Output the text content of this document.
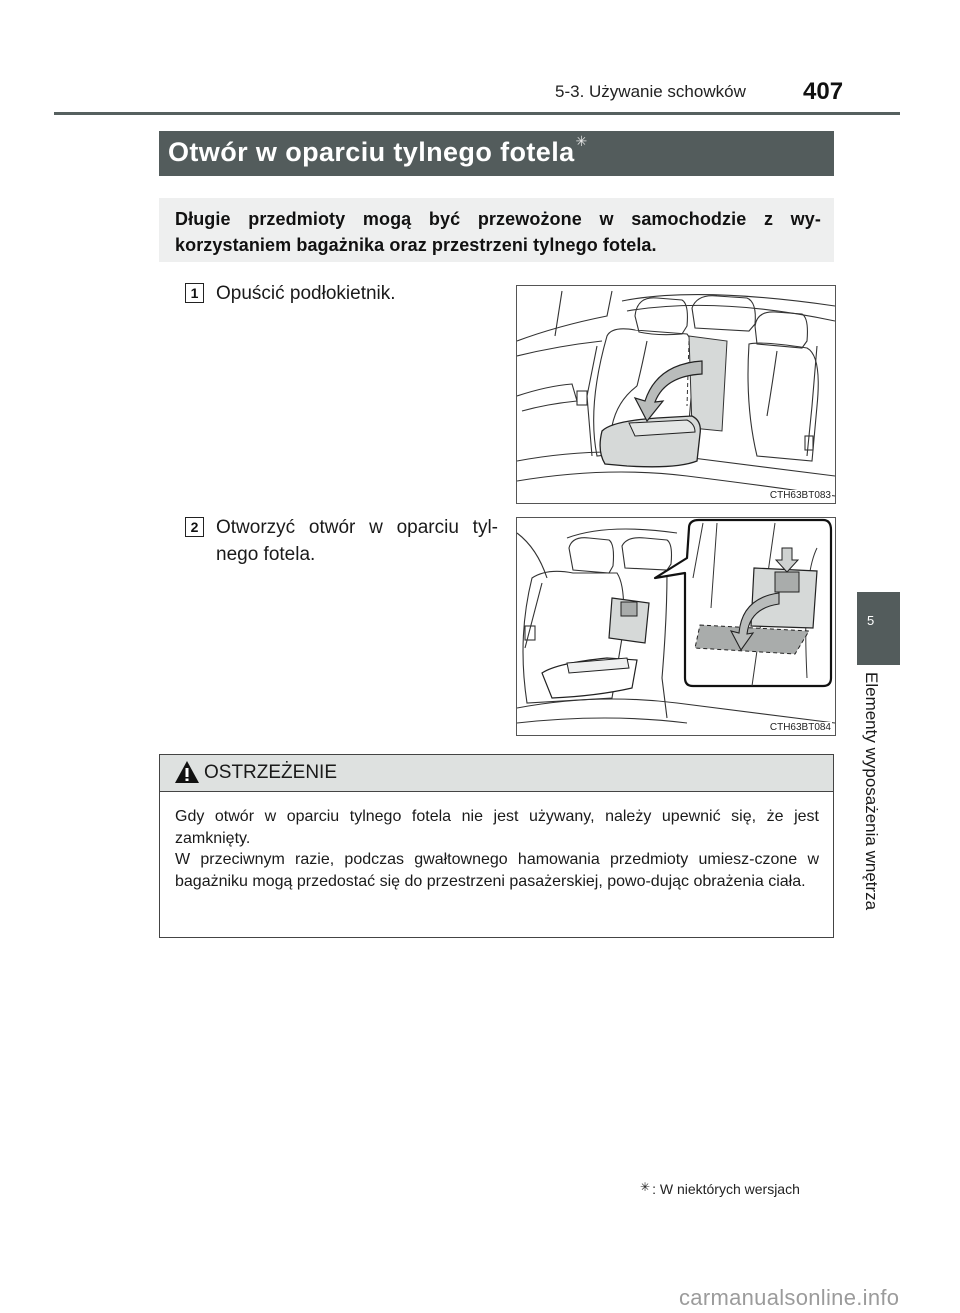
5-3. Używanie schowków 407
Otwór w oparciu tylnego fotela✳
Długie przedmioty mogą być przewożone w samochodzie z wy-korzystaniem bagażnika oraz przestrzeni tylnego fotela.
1 Opuścić podłokietnik.
CTH63BT083
2 Otworzyć otwór w oparciu tyl-nego fotela.
CTH63BT084
OSTRZEŻENIE

Gdy otwór w oparciu tylnego fotela nie jest używany, należy upewnić się, że jest zamknięty.

W przeciwnym razie, podczas gwałtownego hamowania przedmioty umiesz-czone w bagażniku mogą przedostać się do przestrzeni pasażerskiej, powo-dując obrażenia ciała.

5
Elementy wyposażenia wnętrza
✳ : W niektórych wersjach
carmanualsonline.info
